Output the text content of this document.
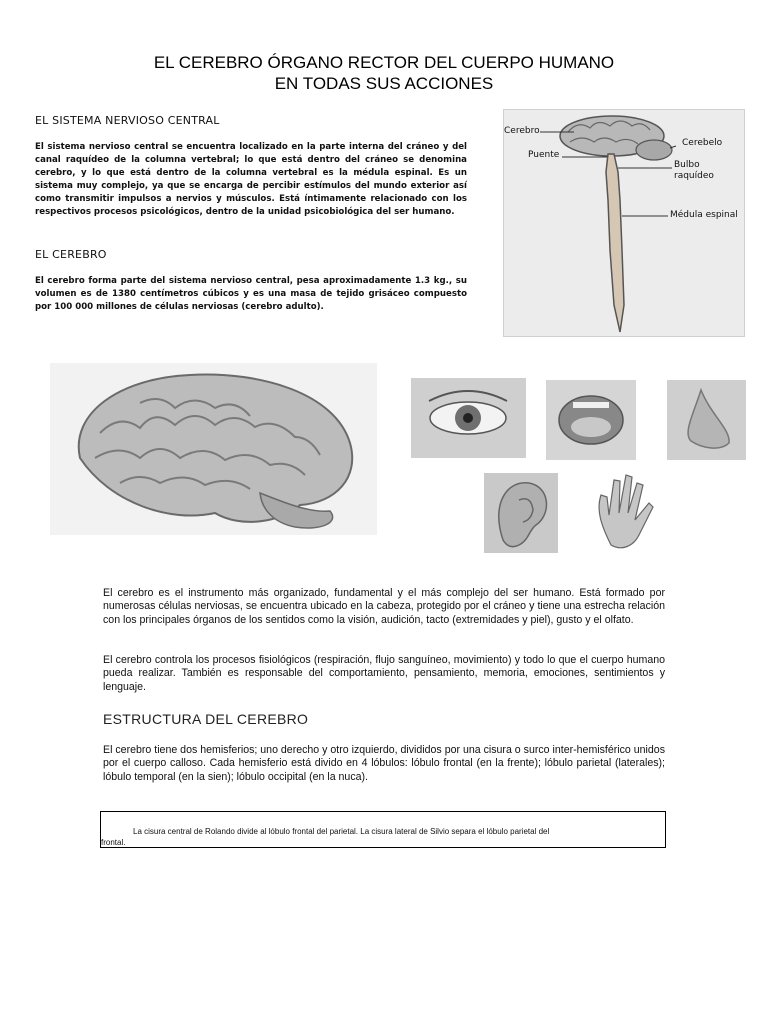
EL CEREBRO ÓRGANO RECTOR DEL CUERPO HUMANO
EN TODAS SUS ACCIONES
EL SISTEMA NERVIOSO CENTRAL
El sistema nervioso central se encuentra localizado en la parte interna del cráneo y del canal raquídeo de la columna vertebral; lo que está dentro del cráneo se denomina cerebro, y lo que está dentro de la columna vertebral es la médula espinal. Es un sistema muy complejo, ya que se encarga de percibir estímulos del mundo exterior así como transmitir impulsos a nervios y músculos. Está íntimamente relacionado con los respectivos procesos psicológicos, dentro de la unidad psicobiológica del ser humano.
EL CEREBRO
El cerebro forma parte del sistema nervioso central, pesa aproximadamente 1.3 kg., su volumen es de 1380 centímetros cúbicos y es una masa de tejido grisáceo compuesto por 100 000 millones de células nerviosas (cerebro adulto).
Cerebro
Cerebelo
Puente
Bulbo raquídeo
Médula espinal
El cerebro es el instrumento más organizado, fundamental y el más complejo del ser humano. Está formado por numerosas células nerviosas, se encuentra ubicado en la cabeza, protegido por el cráneo y tiene una estrecha relación con los principales órganos de los sentidos como la visión, audición, tacto (extremidades y piel), gusto y el olfato.
El cerebro controla los procesos fisiológicos (respiración, flujo sanguíneo, movimiento) y todo lo que el cuerpo humano pueda realizar. También es responsable del comportamiento, pensamiento, memoria, emociones, sentimientos y lenguaje.
ESTRUCTURA DEL CEREBRO
El cerebro tiene dos hemisferios; uno derecho y otro izquierdo, divididos por una cisura o surco inter-hemisférico unidos por el cuerpo calloso. Cada hemisferio está divido en 4 lóbulos: lóbulo frontal (en la frente); lóbulo parietal (laterales); lóbulo temporal (en la sien); lóbulo occipital (en la nuca).
La cisura central de Rolando divide al lóbulo frontal del parietal. La cisura lateral de Silvio separa el lóbulo parietal del
frontal.
